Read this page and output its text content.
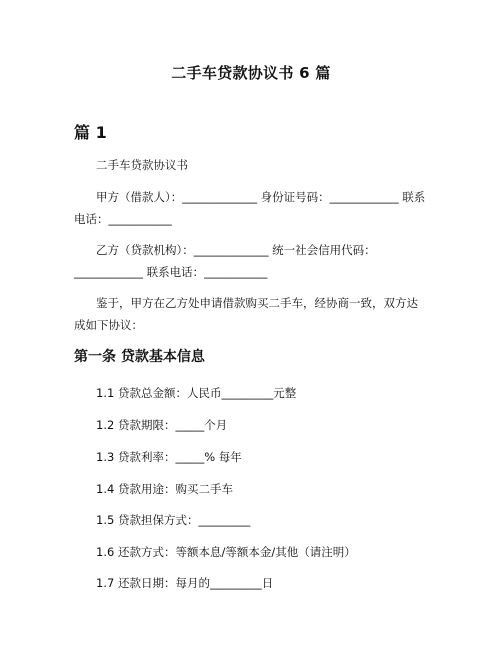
二手车贷款协议书 6 篇
篇 1
二手车贷款协议书
甲方（借款人）：_____________ 身份证号码：____________ 联系
电话：___________
乙方（贷款机构）：_____________ 统一社会信用代码：
____________ 联系电话：___________
鉴于，甲方在乙方处申请借款购买二手车，经协商一致，双方达
成如下协议：
第一条 贷款基本信息
1.1 贷款总金额：人民币_________元整
1.2 贷款期限：_____个月
1.3 贷款利率：_____% 每年
1.4 贷款用途：购买二手车
1.5 贷款担保方式：_________
1.6 还款方式：等额本息/等额本金/其他（请注明）
1.7 还款日期：每月的_________日
